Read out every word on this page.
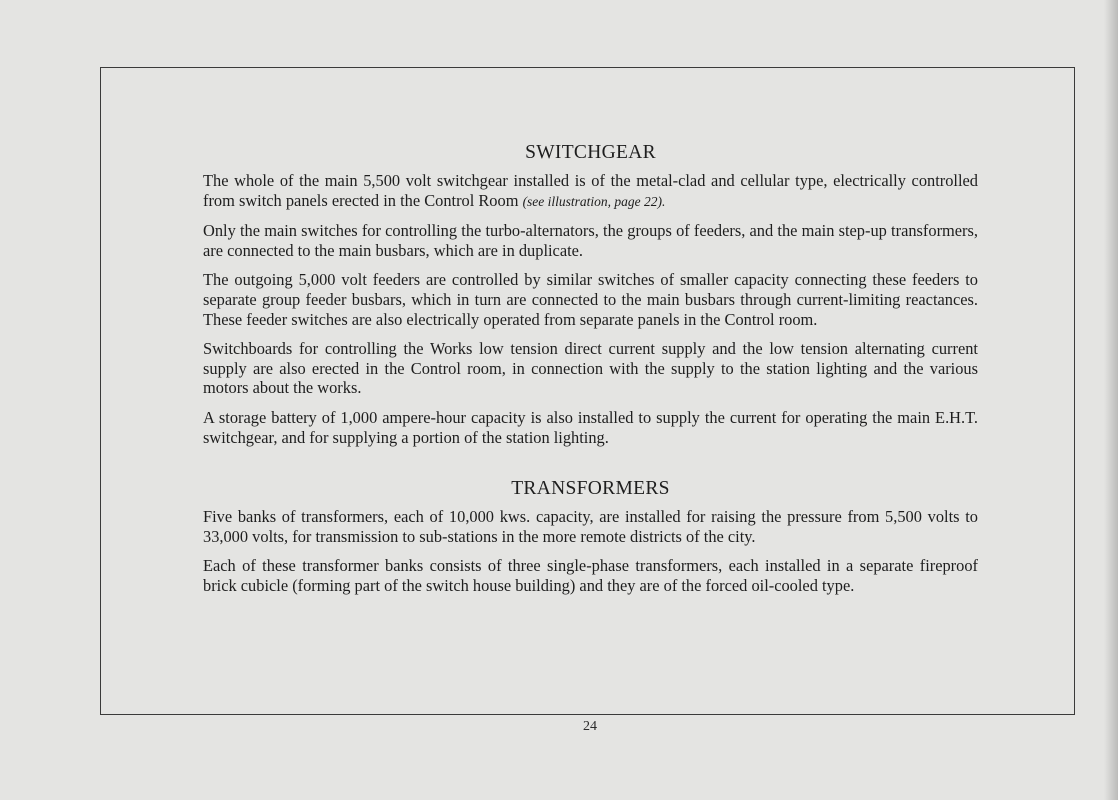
SWITCHGEAR

The whole of the main 5,500 volt switchgear installed is of the metal-clad and cellular type, electrically controlled from switch panels erected in the Control Room (see illustration, page 22).

Only the main switches for controlling the turbo-alternators, the groups of feeders, and the main step-up transformers, are connected to the main busbars, which are in duplicate.

The outgoing 5,000 volt feeders are controlled by similar switches of smaller capacity connecting these feeders to separate group feeder busbars, which in turn are connected to the main busbars through current-limiting reactances. These feeder switches are also electrically operated from separate panels in the Control room.

Switchboards for controlling the Works low tension direct current supply and the low tension alternating current supply are also erected in the Control room, in connection with the supply to the station lighting and the various motors about the works.

A storage battery of 1,000 ampere-hour capacity is also installed to supply the current for operating the main E.H.T. switchgear, and for supplying a portion of the station lighting.

TRANSFORMERS

Five banks of transformers, each of 10,000 kws. capacity, are installed for raising the pressure from 5,500 volts to 33,000 volts, for transmission to sub-stations in the more remote districts of the city.

Each of these transformer banks consists of three single-phase transformers, each installed in a separate fireproof brick cubicle (forming part of the switch house building) and they are of the forced oil-cooled type.

24
